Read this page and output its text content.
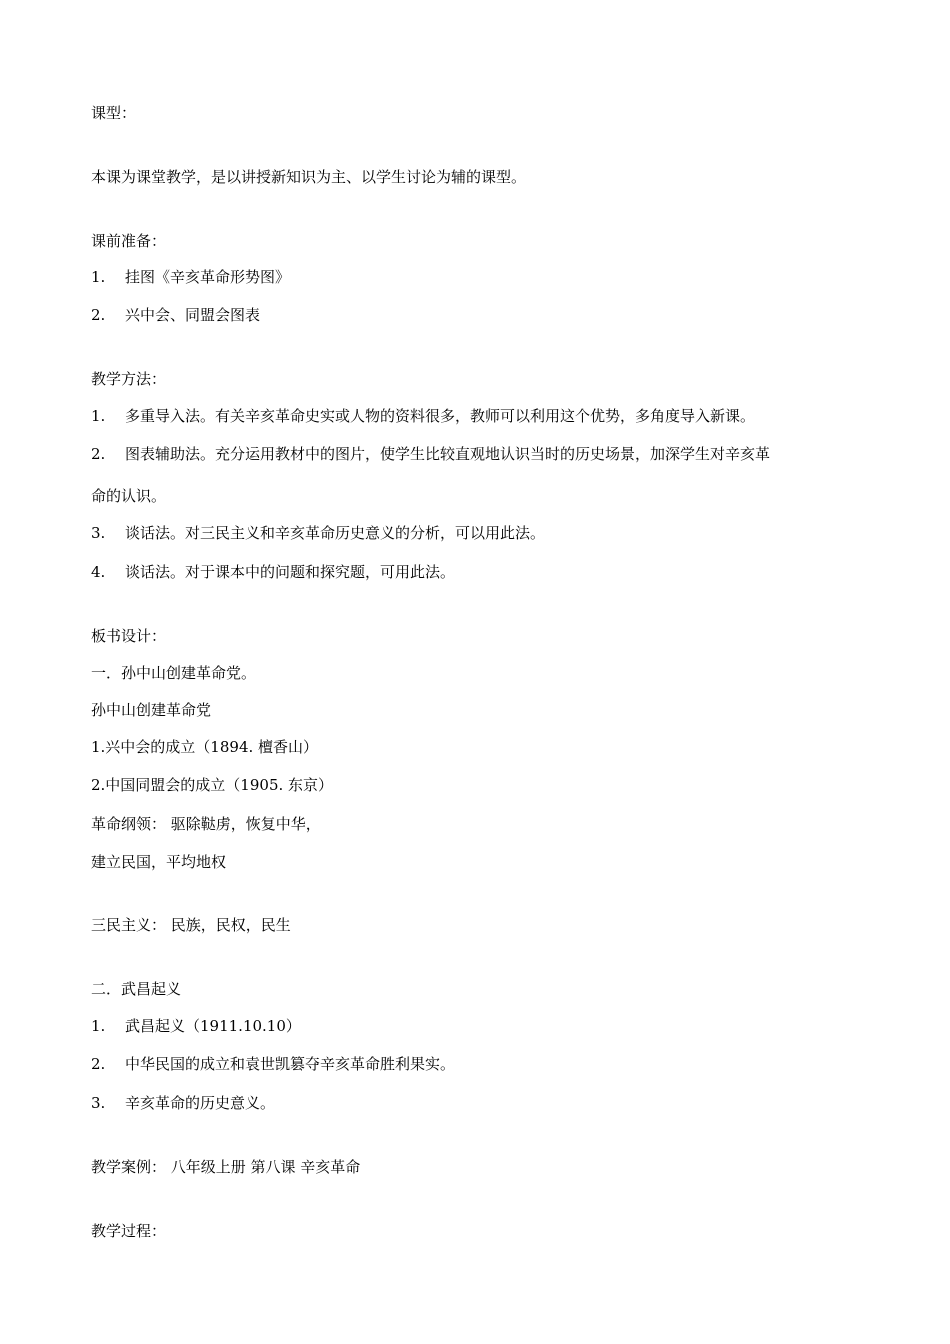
课型：
本课为课堂教学，是以讲授新知识为主、以学生讨论为辅的课型。
课前准备：
1. 挂图《辛亥革命形势图》
2. 兴中会、同盟会图表
教学方法：
1. 多重导入法。有关辛亥革命史实或人物的资料很多，教师可以利用这个优势，多角度导入新课。
2. 图表辅助法。充分运用教材中的图片，使学生比较直观地认识当时的历史场景，加深学生对辛亥革
命的认识。
3. 谈话法。对三民主义和辛亥革命历史意义的分析，可以用此法。
4. 谈话法。对于课本中的问题和探究题，可用此法。
板书设计：
一．孙中山创建革命党。
孙中山创建革命党
1.兴中会的成立（1894. 檀香山）
2.中国同盟会的成立（1905. 东京）
革命纲领： 驱除鞑虏，恢复中华，
建立民国，平均地权
三民主义： 民族，民权，民生
二．武昌起义
1. 武昌起义（1911.10.10）
2. 中华民国的成立和袁世凯篡夺辛亥革命胜利果实。
3. 辛亥革命的历史意义。
教学案例： 八年级上册 第八课 辛亥革命
教学过程：
